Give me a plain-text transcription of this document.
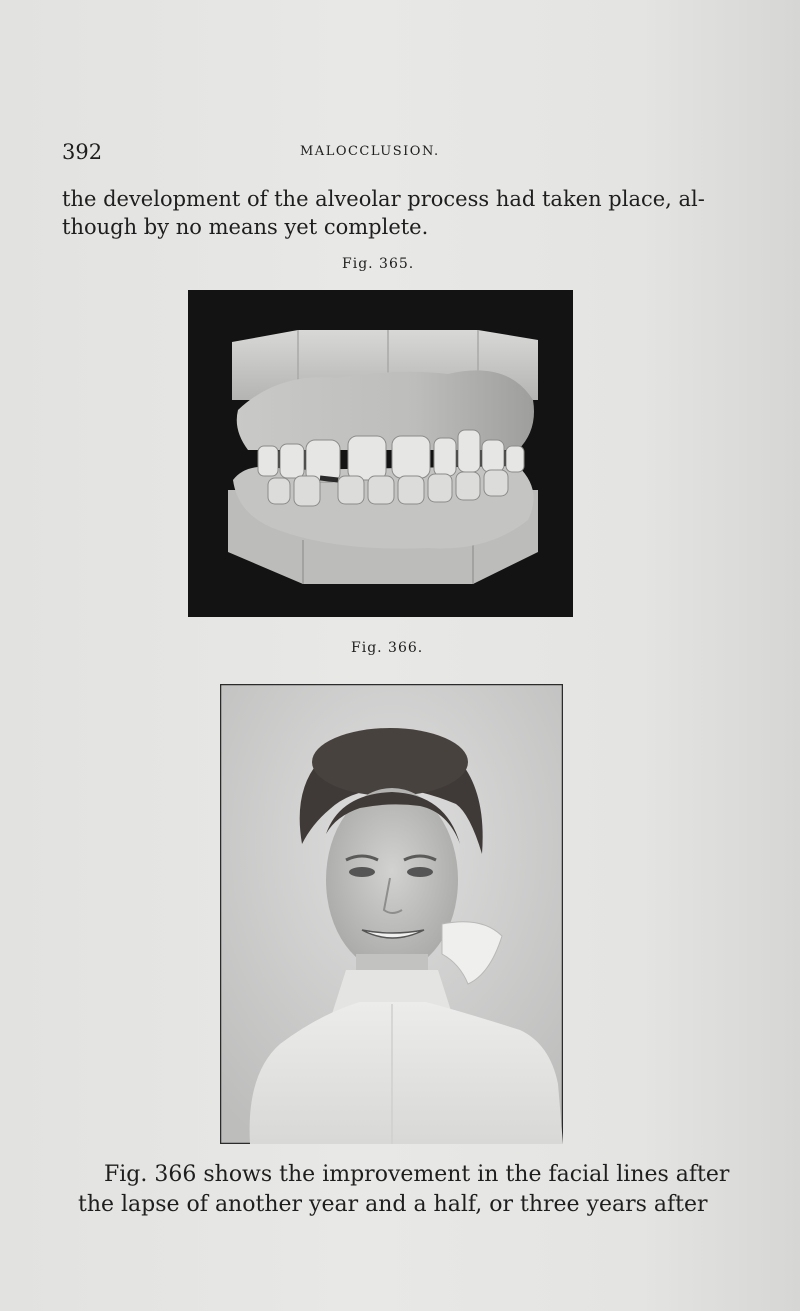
392	MALOCCLUSION.
the development of the alveolar process had taken place, al-
though by no means yet complete.
Fig. 365.
Fig. 366.
Fig. 366 shows the improvement in the facial lines after
the lapse of another year and a half, or three years after
